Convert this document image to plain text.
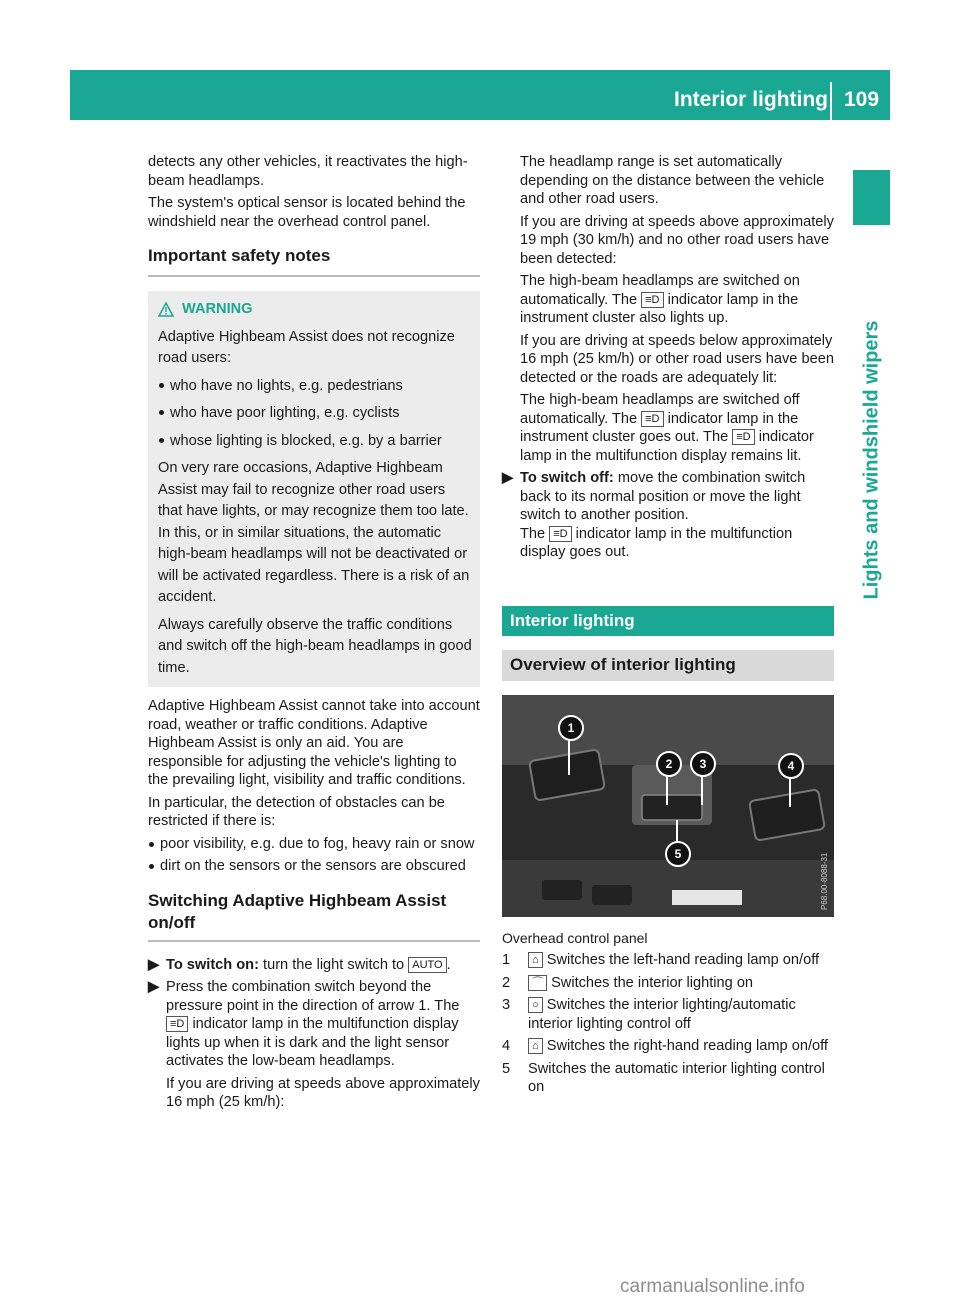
Interior lighting 109
Lights and windshield wipers

detects any other vehicles, it reactivates the high-beam headlamps.

The system's optical sensor is located behind the windshield near the overhead control panel.

Important safety notes
WARNING

Adaptive Highbeam Assist does not recognize road users:

who have no lights, e.g. pedestrians
who have poor lighting, e.g. cyclists
whose lighting is blocked, e.g. by a barrier

On very rare occasions, Adaptive Highbeam Assist may fail to recognize other road users that have lights, or may recognize them too late. In this, or in similar situations, the automatic high-beam headlamps will not be deactivated or will be activated regardless. There is a risk of an accident.

Always carefully observe the traffic conditions and switch off the high-beam headlamps in good time.

Adaptive Highbeam Assist cannot take into account road, weather or traffic conditions. Adaptive Highbeam Assist is only an aid. You are responsible for adjusting the vehicle's lighting to the prevailing light, visibility and traffic conditions.

In particular, the detection of obstacles can be restricted if there is:

poor visibility, e.g. due to fog, heavy rain or snow
dirt on the sensors or the sensors are obscured
Switching Adaptive Highbeam Assist on/off
▶ To switch on: turn the light switch to AUTO .
▶ Press the combination switch beyond the pressure point in the direction of arrow 1. The ≡D indicator lamp in the multifunction display lights up when it is dark and the light sensor activates the low-beam headlamps.
If you are driving at speeds above approximately 16 mph (25 km/h):

The headlamp range is set automatically depending on the distance between the vehicle and other road users.

If you are driving at speeds above approximately 19 mph (30 km/h) and no other road users have been detected:

The high-beam headlamps are switched on automatically. The ≡D indicator lamp in the instrument cluster also lights up.

If you are driving at speeds below approximately 16 mph (25 km/h) or other road users have been detected or the roads are adequately lit:

The high-beam headlamps are switched off automatically. The ≡D indicator lamp in the instrument cluster goes out. The ≡D indicator lamp in the multifunction display remains lit.

▶ To switch off: move the combination switch back to its normal position or move the light switch to another position.
The ≡D indicator lamp in the multifunction display goes out.
Interior lighting
Overview of interior lighting
P68.00-8088-31
1
2	3	4
5
Overhead control panel
1 ⌂ Switches the left-hand reading lamp on/off
2 ⌒ Switches the interior lighting on
3 ○ Switches the interior lighting/automatic interior lighting control off
4 ⌂ Switches the right-hand reading lamp on/off
5 Switches the automatic interior lighting control on
carmanualsonline.info
